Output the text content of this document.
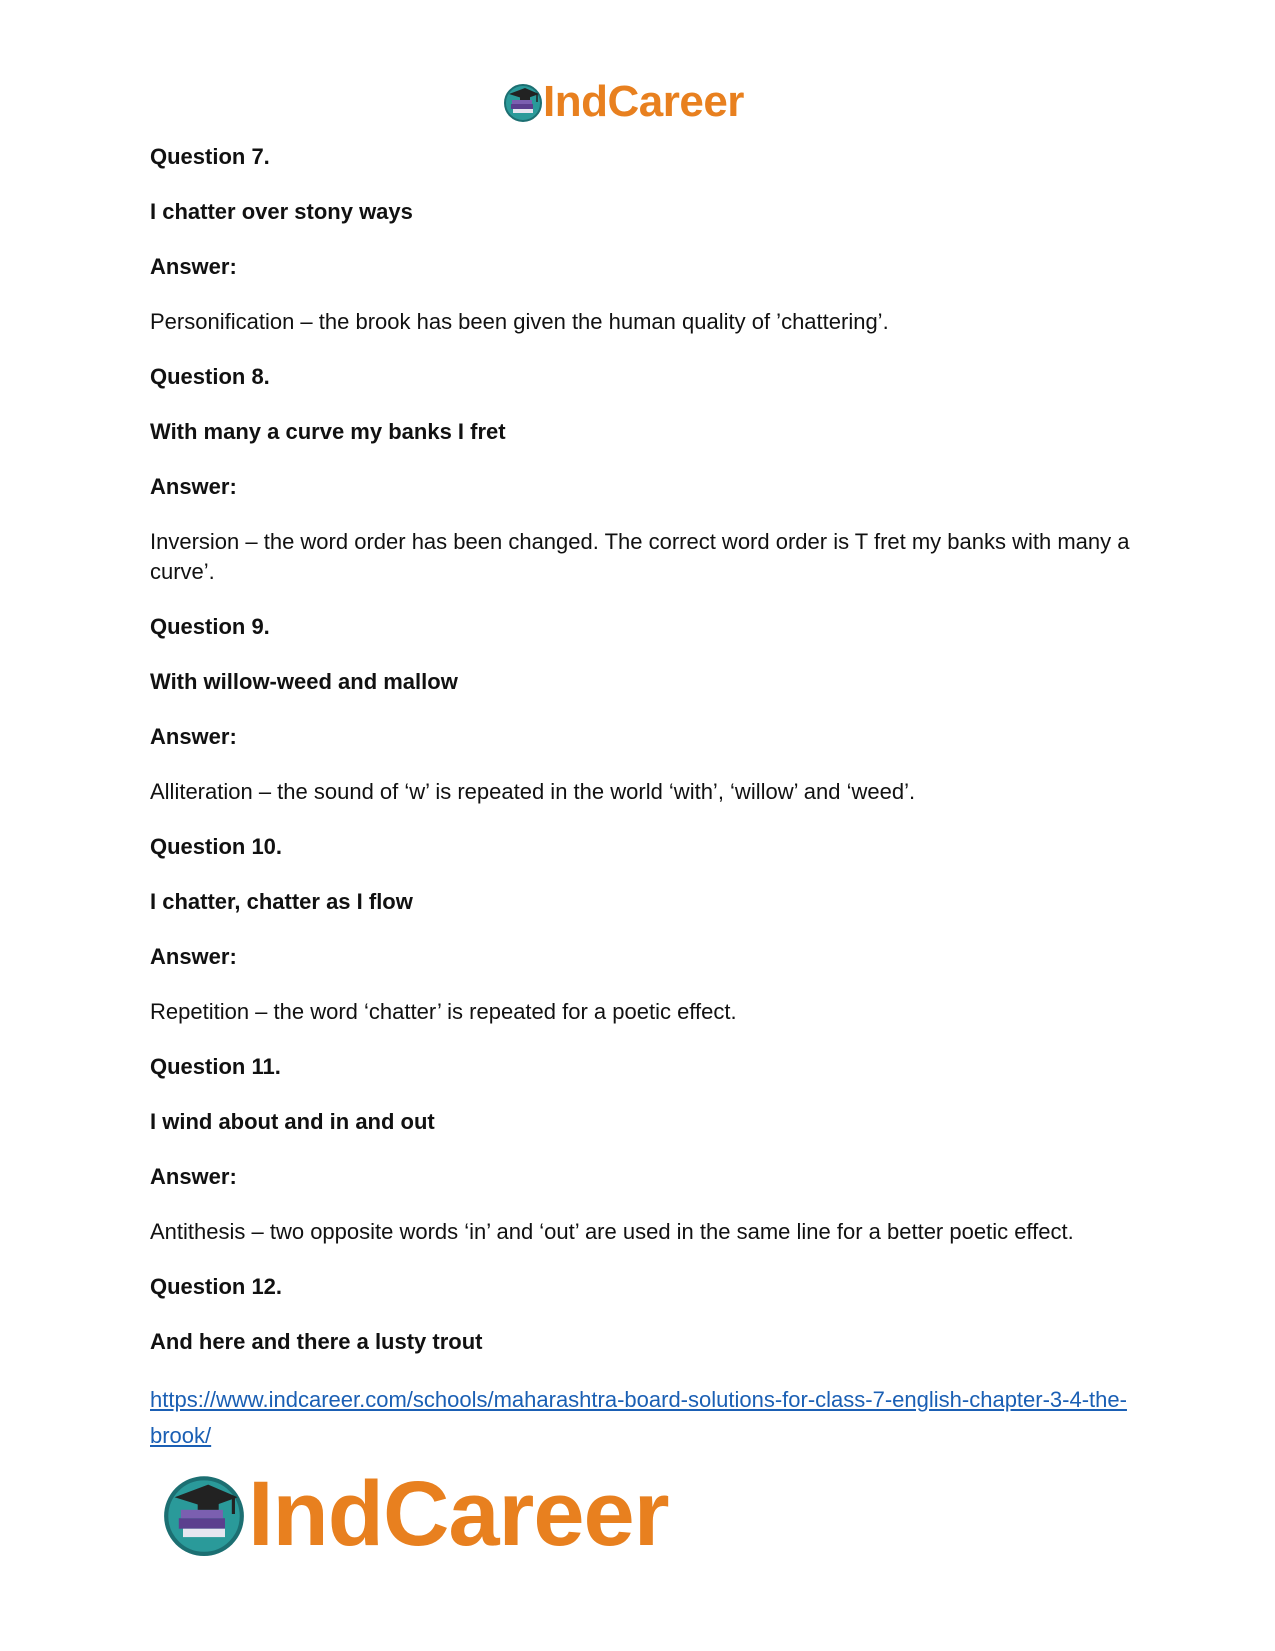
IndCareer
Question 7.
I chatter over stony ways
Answer:
Personification – the brook has been given the human quality of ’chattering’.
Question 8.
With many a curve my banks I fret
Answer:
Inversion – the word order has been changed. The correct word order is T fret my banks with many a curve’.
Question 9.
With willow-weed and mallow
Answer:
Alliteration – the sound of ‘w’ is repeated in the world ‘with’, ‘willow’ and ‘weed’.
Question 10.
I chatter, chatter as I flow
Answer:
Repetition – the word ‘chatter’ is repeated for a poetic effect.
Question 11.
I wind about and in and out
Answer:
Antithesis – two opposite words ‘in’ and ‘out’ are used in the same line for a better poetic effect.
Question 12.
And here and there a lusty trout
https://www.indcareer.com/schools/maharashtra-board-solutions-for-class-7-english-chapter-3-4-the-brook/
IndCareer
